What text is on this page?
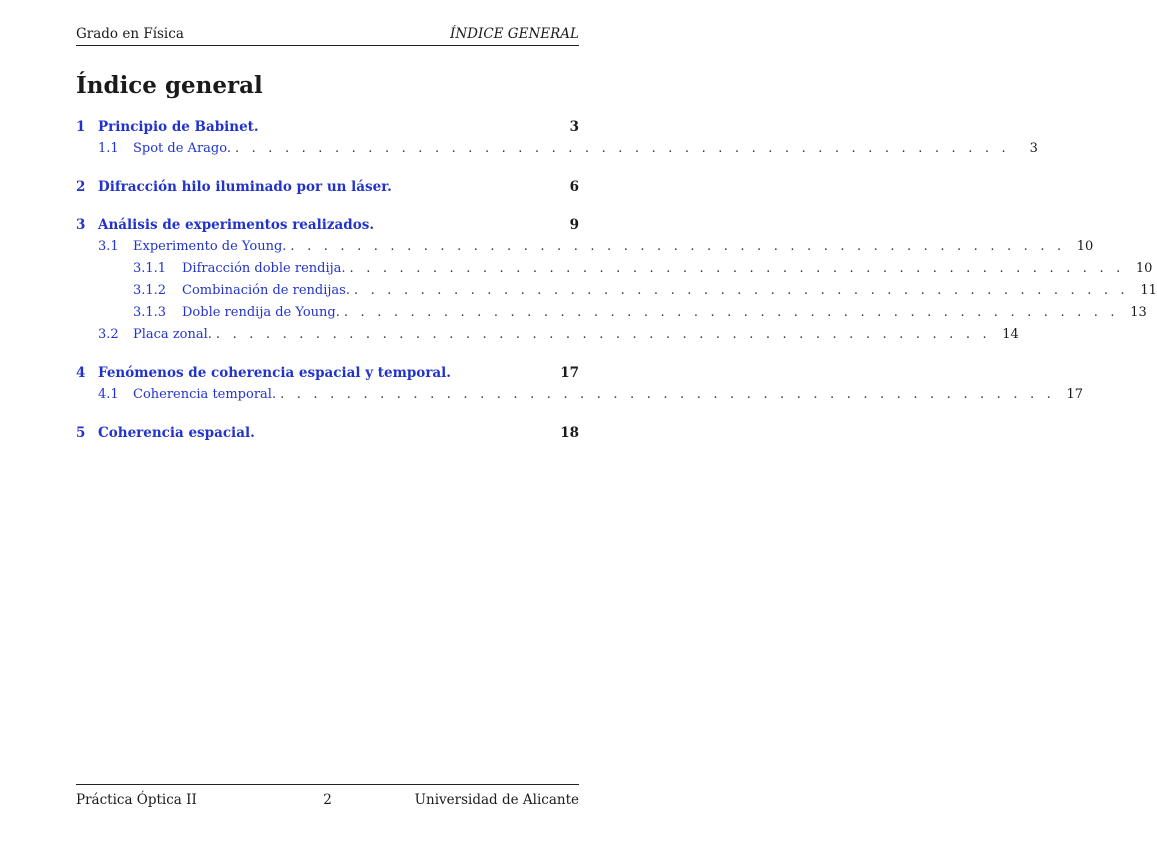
Grado en Física	ÍNDICE GENERAL
Índice general
1 Principio de Babinet.	3
1.1	Spot de Arago. . . . . . . . . . . . . . . . . . . . . . . . . . . . . . . . . . . . . . . . . . . . . . . .	3
2 Difracción hilo iluminado por un láser.	6
3 Análisis de experimentos realizados.	9
3.1	Experimento de Young. . . . . . . . . . . . . . . . . . . . . . . . . . . . . . . . . . . . . . . . . . . . . . . . 10
3.1.1	Difracción doble rendija. . . . . . . . . . . . . . . . . . . . . . . . . . . . . . . . . . . . . . . . . . . . . . . . 10
3.1.2	Combinación de rendijas. . . . . . . . . . . . . . . . . . . . . . . . . . . . . . . . . . . . . . . . . . . . . . . . 11
3.1.3	Doble rendija de Young. . . . . . . . . . . . . . . . . . . . . . . . . . . . . . . . . . . . . . . . . . . . . . . . 13
3.2	Placa zonal. . . . . . . . . . . . . . . . . . . . . . . . . . . . . . . . . . . . . . . . . . . . . . . . 14
4 Fenómenos de coherencia espacial y temporal.	17
4.1	Coherencia temporal. . . . . . . . . . . . . . . . . . . . . . . . . . . . . . . . . . . . . . . . . . . . . . . . 17
5 Coherencia espacial.	18
Práctica Óptica II	2	Universidad de Alicante
